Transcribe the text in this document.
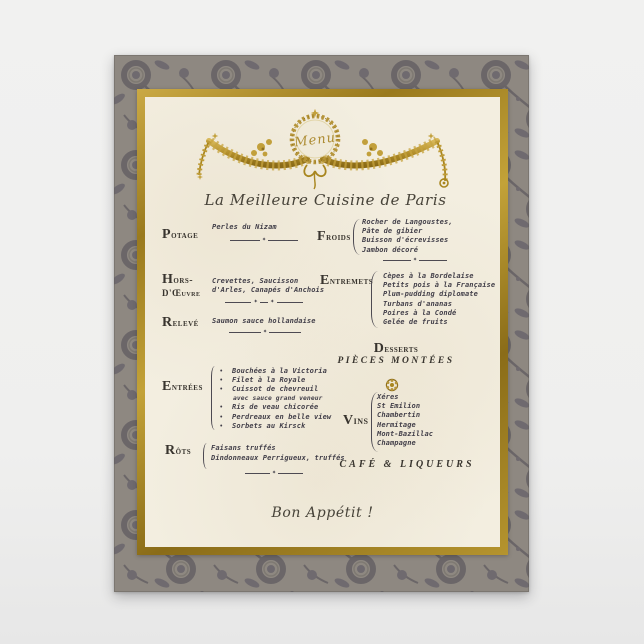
Menu
La Meilleure Cuisine de Paris
Potage
Perles du Nizam
✦
Hors-
D'Œuvre
Crevettes, Saucisson
d'Arles, Canapés d'Anchois
✦ ✦
Relevé Saumon sauce hollandaise
✦
Entrées
•	Bouchées à la Victoria
•	Filet à la Royale
•	Cuissot de chevreuil
avec sauce grand veneur
•	Ris de veau chicorée
•	Perdreaux en belle view
•	Sorbets au Kirsck
Rôts	Faisans truffés
Dindonneaux Perrigueux, truffés
✦
Froids
Rocher de Langoustes,
Pâte de gibier
Buisson d'écrevisses
Jambon décoré
✦
Entremets Cèpes à la Bordelaise
Petits pois à la Française
Plum-pudding diplomate
Turbans d'ananas
Poires à la Condé
Gelée de fruits
Desserts
PIÈCES MONTÉES
Vins
Xéres
St Emilion
Chambertin
Hermitage
Mont-Bazillac
Champagne
CAFÉ & LIQUEURS
Bon Appétit !
